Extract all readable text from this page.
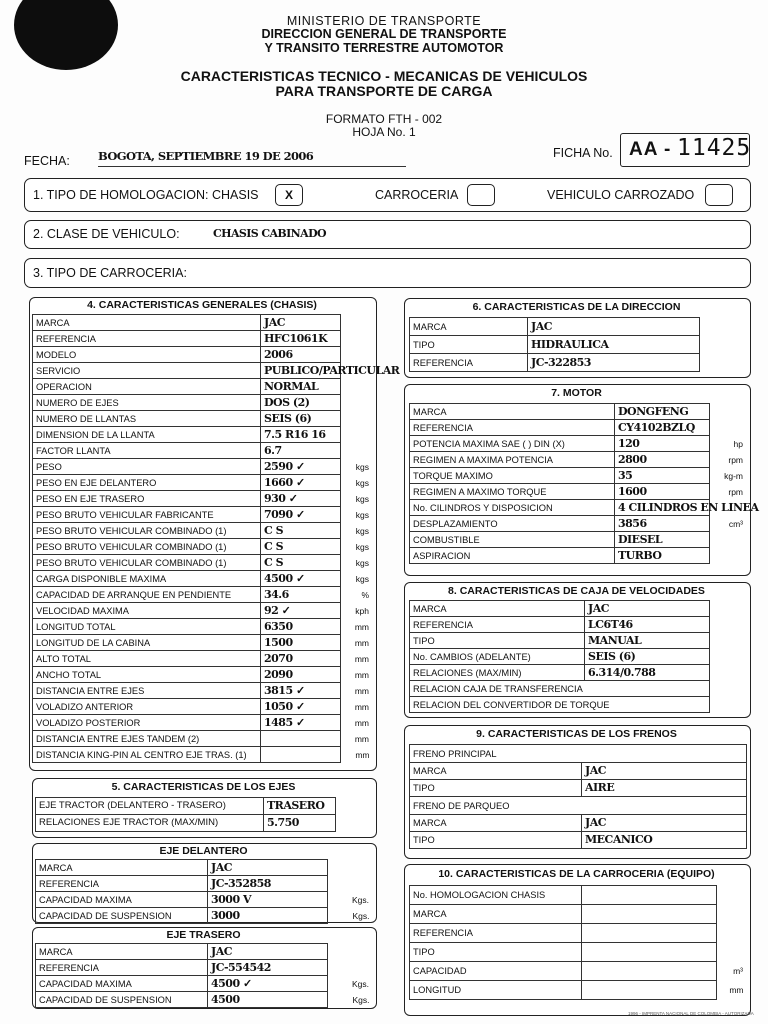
MINISTERIO DE TRANSPORTE
DIRECCION GENERAL DE TRANSPORTE
Y TRANSITO TERRESTRE AUTOMOTOR
CARACTERISTICAS TECNICO - MECANICAS DE VEHICULOS
PARA TRANSPORTE DE CARGA
FORMATO FTH - 002
HOJA No. 1
FECHA: BOGOTA, SEPTIEMBRE 19 DE 2006	FICHA No. AA - 11425
1. TIPO DE HOMOLOGACION: CHASIS	X	CARROCERIA	VEHICULO CARROZADO
2. CLASE DE VEHICULO:	CHASIS CABINADO
3. TIPO DE CARROCERIA:
4. CARACTERISTICAS GENERALES (CHASIS)
MARCA	JAC	
REFERENCIA	HFC1061K	
MODELO	2006	
SERVICIO	PUBLICO/PARTICULAR	
OPERACION	NORMAL	
NUMERO DE EJES	DOS (2)	
NUMERO DE LLANTAS	SEIS (6)	
DIMENSION DE LA LLANTA	7.5 R16 16	
FACTOR LLANTA	6.7	
PESO	2590 ✓	kgs
PESO EN EJE DELANTERO	1660 ✓	kgs
PESO EN EJE TRASERO	930 ✓	kgs
PESO BRUTO VEHICULAR FABRICANTE	7090 ✓	kgs
PESO BRUTO VEHICULAR COMBINADO (1)	C S	kgs
PESO BRUTO VEHICULAR COMBINADO (1)	C S	kgs
PESO BRUTO VEHICULAR COMBINADO (1)	C S	kgs
CARGA DISPONIBLE MAXIMA	4500 ✓	kgs
CAPACIDAD DE ARRANQUE EN PENDIENTE	34.6	%
VELOCIDAD MAXIMA	92 ✓	kph
LONGITUD TOTAL	6350	mm
LONGITUD DE LA CABINA	1500	mm
ALTO TOTAL	2070	mm
ANCHO TOTAL	2090	mm
DISTANCIA ENTRE EJES	3815 ✓	mm
VOLADIZO ANTERIOR	1050 ✓	mm
VOLADIZO POSTERIOR	1485 ✓	mm
DISTANCIA ENTRE EJES TANDEM (2)		mm
DISTANCIA KING-PIN AL CENTRO EJE TRAS. (1)		mm
5. CARACTERISTICAS DE LOS EJES
EJE TRACTOR (DELANTERO - TRASERO)	TRASERO
RELACIONES EJE TRACTOR (MAX/MIN)	5.750
EJE DELANTERO
MARCA	JAC	
REFERENCIA	JC-352858	
CAPACIDAD MAXIMA	3000 V	Kgs.
CAPACIDAD DE SUSPENSION	3000	Kgs.
EJE TRASERO
MARCA	JAC	
REFERENCIA	JC-554542	
CAPACIDAD MAXIMA	4500 ✓	Kgs.
CAPACIDAD DE SUSPENSION	4500	Kgs.
6. CARACTERISTICAS DE LA DIRECCION
MARCA	JAC
TIPO	HIDRAULICA
REFERENCIA	JC-322853
7. MOTOR
MARCA	DONGFENG	
REFERENCIA	CY4102BZLQ	
POTENCIA MAXIMA SAE ( ) DIN (X)	120	hp
REGIMEN A MAXIMA POTENCIA	2800	rpm
TORQUE MAXIMO	35	kg-m
REGIMEN A MAXIMO TORQUE	1600	rpm
No. CILINDROS Y DISPOSICION	4 CILINDROS EN LINEA	
DESPLAZAMIENTO	3856	cm³
COMBUSTIBLE	DIESEL	
ASPIRACION	TURBO	
8. CARACTERISTICAS DE CAJA DE VELOCIDADES
MARCA	JAC
REFERENCIA	LC6T46
TIPO	MANUAL
No. CAMBIOS (ADELANTE)	SEIS (6)
RELACIONES (MAX/MIN)	6.314/0.788
RELACION CAJA DE TRANSFERENCIA	
RELACION DEL CONVERTIDOR DE TORQUE	
9. CARACTERISTICAS DE LOS FRENOS
FRENO PRINCIPAL	
MARCA	JAC
TIPO	AIRE
FRENO DE PARQUEO	
MARCA	JAC
TIPO	MECANICO
10. CARACTERISTICAS DE LA CARROCERIA (EQUIPO)
No. HOMOLOGACION CHASIS		
MARCA		
REFERENCIA		
TIPO		
CAPACIDAD		m³
LONGITUD		mm
1996 - IMPRENTA NACIONAL DE COLOMBIA - AUTORIZADA
